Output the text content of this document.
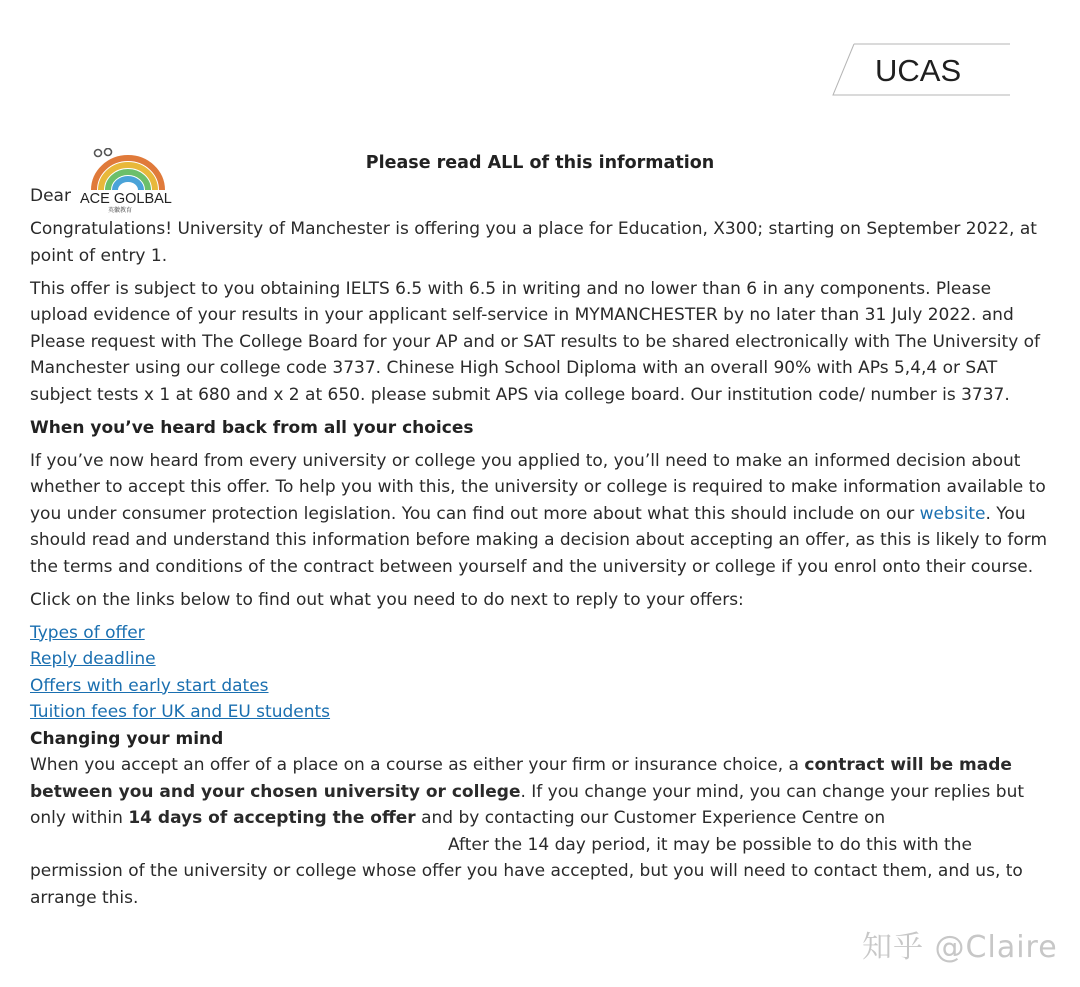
UCAS
ACE GOLBAL
英徽教育
Please read ALL of this information
Dear

Congratulations! University of Manchester is offering you a place for Education, X300; starting on September 2022, at point of entry 1.

This offer is subject to you obtaining IELTS 6.5 with 6.5 in writing and no lower than 6 in any components. Please upload evidence of your results in your applicant self-service in MYMANCHESTER by no later than 31 July 2022. and Please request with The College Board for your AP and or SAT results to be shared electronically with The University of Manchester using our college code 3737. Chinese High School Diploma with an overall 90% with APs 5,4,4 or SAT subject tests x 1 at 680 and x 2 at 650. please submit APS via college board. Our institution code/ number is 3737.

When you’ve heard back from all your choices

If you’ve now heard from every university or college you applied to, you’ll need to make an informed decision about whether to accept this offer. To help you with this, the university or college is required to make information available to you under consumer protection legislation. You can find out more about what this should include on our website. You should read and understand this information before making a decision about accepting an offer, as this is likely to form the terms and conditions of the contract between yourself and the university or college if you enrol onto their course.

Click on the links below to find out what you need to do next to reply to your offers:

Types of offer
Reply deadline
Offers with early start dates
Tuition fees for UK and EU students
Changing your mind

When you accept an offer of a place on a course as either your firm or insurance choice, a contract will be made between you and your chosen university or college. If you change your mind, you can change your replies but only within 14 days of accepting the offer and by contacting our Customer Experience Centre on
After the 14 day period, it may be possible to do this with the permission of the university or college whose offer you have accepted, but you will need to contact them, and us, to arrange this.

知乎 @Claire
